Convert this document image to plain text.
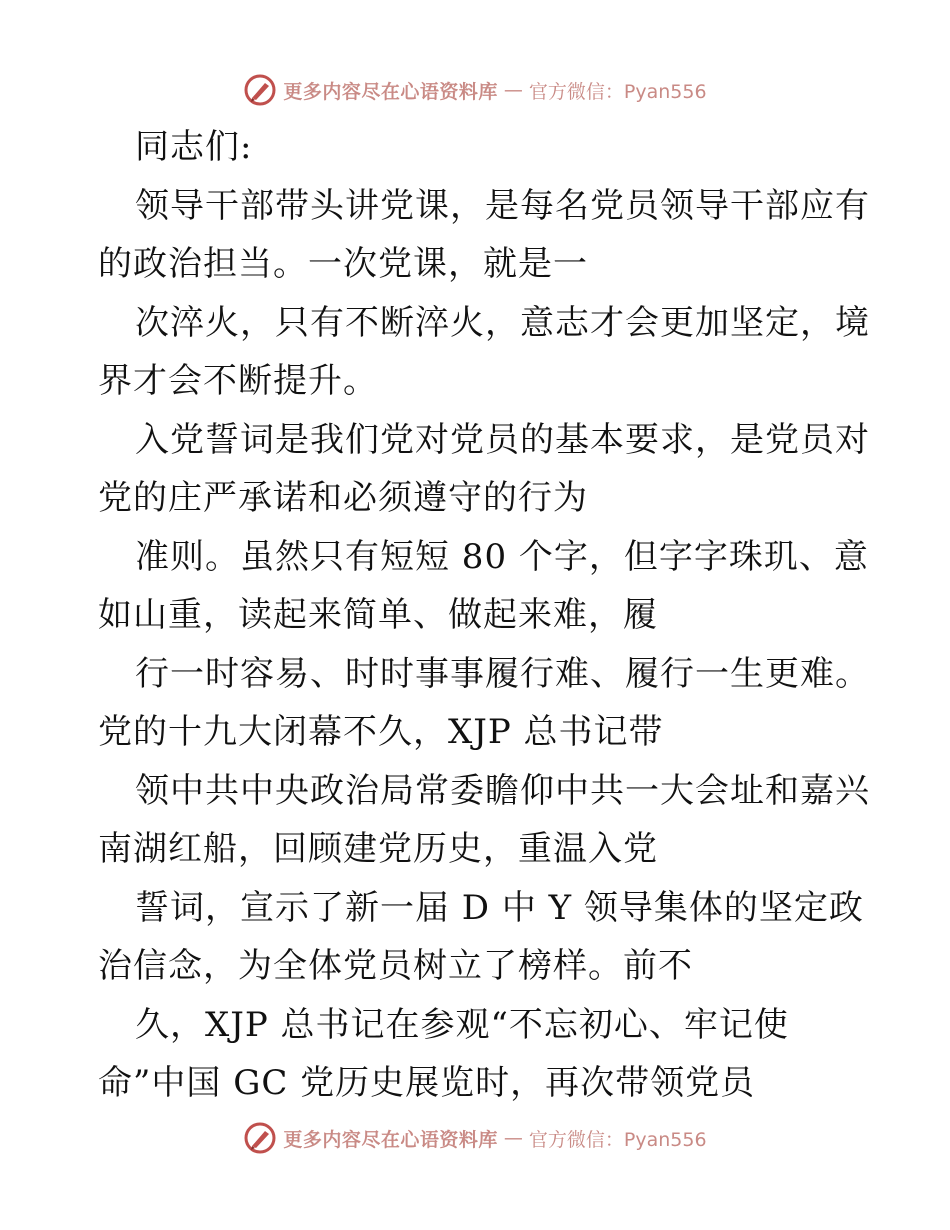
更多内容尽在心语资料库 — 官方微信：Pyan556
同志们:
领导干部带头讲党课，是每名党员领导干部应有
的政治担当。一次党课，就是一
次淬火，只有不断淬火，意志才会更加坚定，境
界才会不断提升。
入党誓词是我们党对党员的基本要求，是党员对
党的庄严承诺和必须遵守的行为
准则。虽然只有短短 80 个字，但字字珠玑、意
如山重，读起来简单、做起来难，履
行一时容易、时时事事履行难、履行一生更难。
党的十九大闭幕不久，XJP 总书记带
领中共中央政治局常委瞻仰中共一大会址和嘉兴
南湖红船，回顾建党历史，重温入党
誓词，宣示了新一届 D 中 Y 领导集体的坚定政
治信念，为全体党员树立了榜样。前不
久，XJP 总书记在参观“不忘初心、牢记使
命”中国 GC 党历史展览时，再次带领党员
更多内容尽在心语资料库 — 官方微信：Pyan556
